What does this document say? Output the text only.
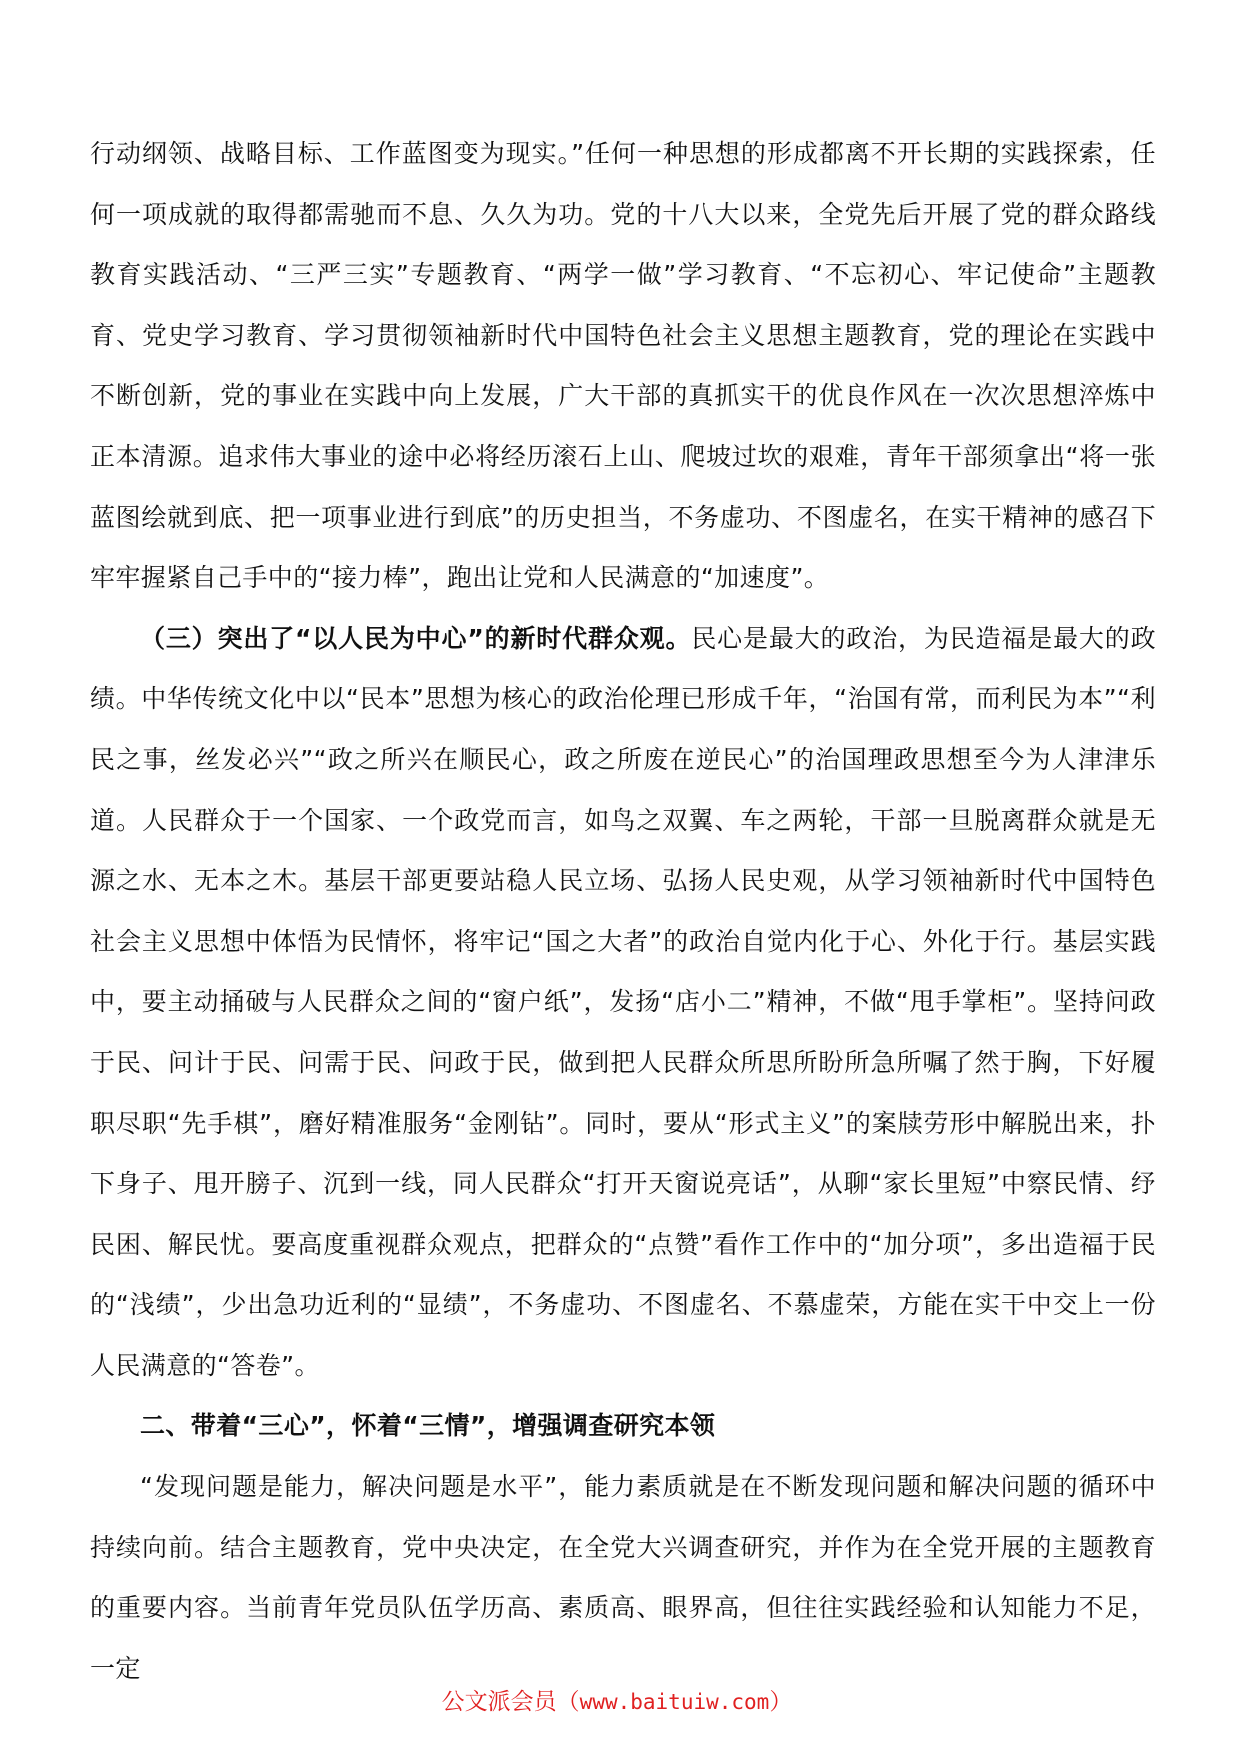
行动纲领、战略目标、工作蓝图变为现实。”任何一种思想的形成都离不开长期的实践探索，任何一项成就的取得都需驰而不息、久久为功。党的十八大以来，全党先后开展了党的群众路线教育实践活动、“三严三实”专题教育、“两学一做”学习教育、“不忘初心、牢记使命”主题教育、党史学习教育、学习贯彻领袖新时代中国特色社会主义思想主题教育，党的理论在实践中不断创新，党的事业在实践中向上发展，广大干部的真抓实干的优良作风在一次次思想淬炼中正本清源。追求伟大事业的途中必将经历滚石上山、爬坡过坎的艰难，青年干部须拿出“将一张蓝图绘就到底、把一项事业进行到底”的历史担当，不务虚功、不图虚名，在实干精神的感召下牢牢握紧自己手中的“接力棒”，跑出让党和人民满意的“加速度”。

（三）突出了“以人民为中心”的新时代群众观。民心是最大的政治，为民造福是最大的政绩。中华传统文化中以“民本”思想为核心的政治伦理已形成千年，“治国有常，而利民为本”“利民之事，丝发必兴”“政之所兴在顺民心，政之所废在逆民心”的治国理政思想至今为人津津乐道。人民群众于一个国家、一个政党而言，如鸟之双翼、车之两轮，干部一旦脱离群众就是无源之水、无本之木。基层干部更要站稳人民立场、弘扬人民史观，从学习领袖新时代中国特色社会主义思想中体悟为民情怀，将牢记“国之大者”的政治自觉内化于心、外化于行。基层实践中，要主动捅破与人民群众之间的“窗户纸”，发扬“店小二”精神，不做“甩手掌柜”。坚持问政于民、问计于民、问需于民、问政于民，做到把人民群众所思所盼所急所嘱了然于胸，下好履职尽职“先手棋”，磨好精准服务“金刚钻”。同时，要从“形式主义”的案牍劳形中解脱出来，扑下身子、甩开膀子、沉到一线，同人民群众“打开天窗说亮话”，从聊“家长里短”中察民情、纾民困、解民忧。要高度重视群众观点，把群众的“点赞”看作工作中的“加分项”，多出造福于民的“浅绩”，少出急功近利的“显绩”，不务虚功、不图虚名、不慕虚荣，方能在实干中交上一份人民满意的“答卷”。

二、带着“三心”，怀着“三情”，增强调查研究本领

“发现问题是能力，解决问题是水平”，能力素质就是在不断发现问题和解决问题的循环中持续向前。结合主题教育，党中央决定，在全党大兴调查研究，并作为在全党开展的主题教育的重要内容。当前青年党员队伍学历高、素质高、眼界高，但往往实践经验和认知能力不足，一定

公文派会员（www.baituiw.com）
